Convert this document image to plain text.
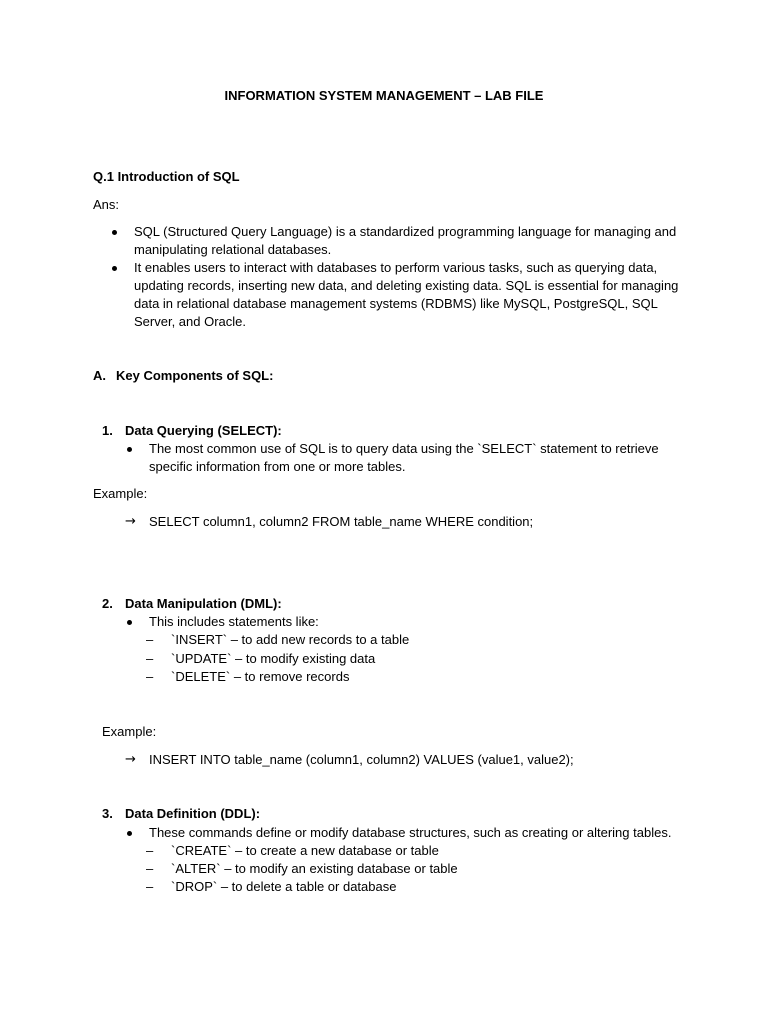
INFORMATION SYSTEM MANAGEMENT – LAB FILE
Q.1 Introduction of SQL
Ans:
SQL (Structured Query Language) is a standardized programming language for managing and manipulating relational databases.
It enables users to interact with databases to perform various tasks, such as querying data, updating records, inserting new data, and deleting existing data. SQL is essential for managing data in relational database management systems (RDBMS) like MySQL, PostgreSQL, SQL Server, and Oracle.
A. Key Components of SQL:
1. Data Querying (SELECT):
The most common use of SQL is to query data using the `SELECT` statement to retrieve specific information from one or more tables.
Example:
→ SELECT column1, column2 FROM table_name WHERE condition;
2. Data Manipulation (DML):
This includes statements like:
– `INSERT` – to add new records to a table
– `UPDATE` – to modify existing data
– `DELETE` – to remove records
Example:
→ INSERT INTO table_name (column1, column2) VALUES (value1, value2);
3. Data Definition (DDL):
These commands define or modify database structures, such as creating or altering tables.
– `CREATE` – to create a new database or table
– `ALTER` – to modify an existing database or table
– `DROP` – to delete a table or database
